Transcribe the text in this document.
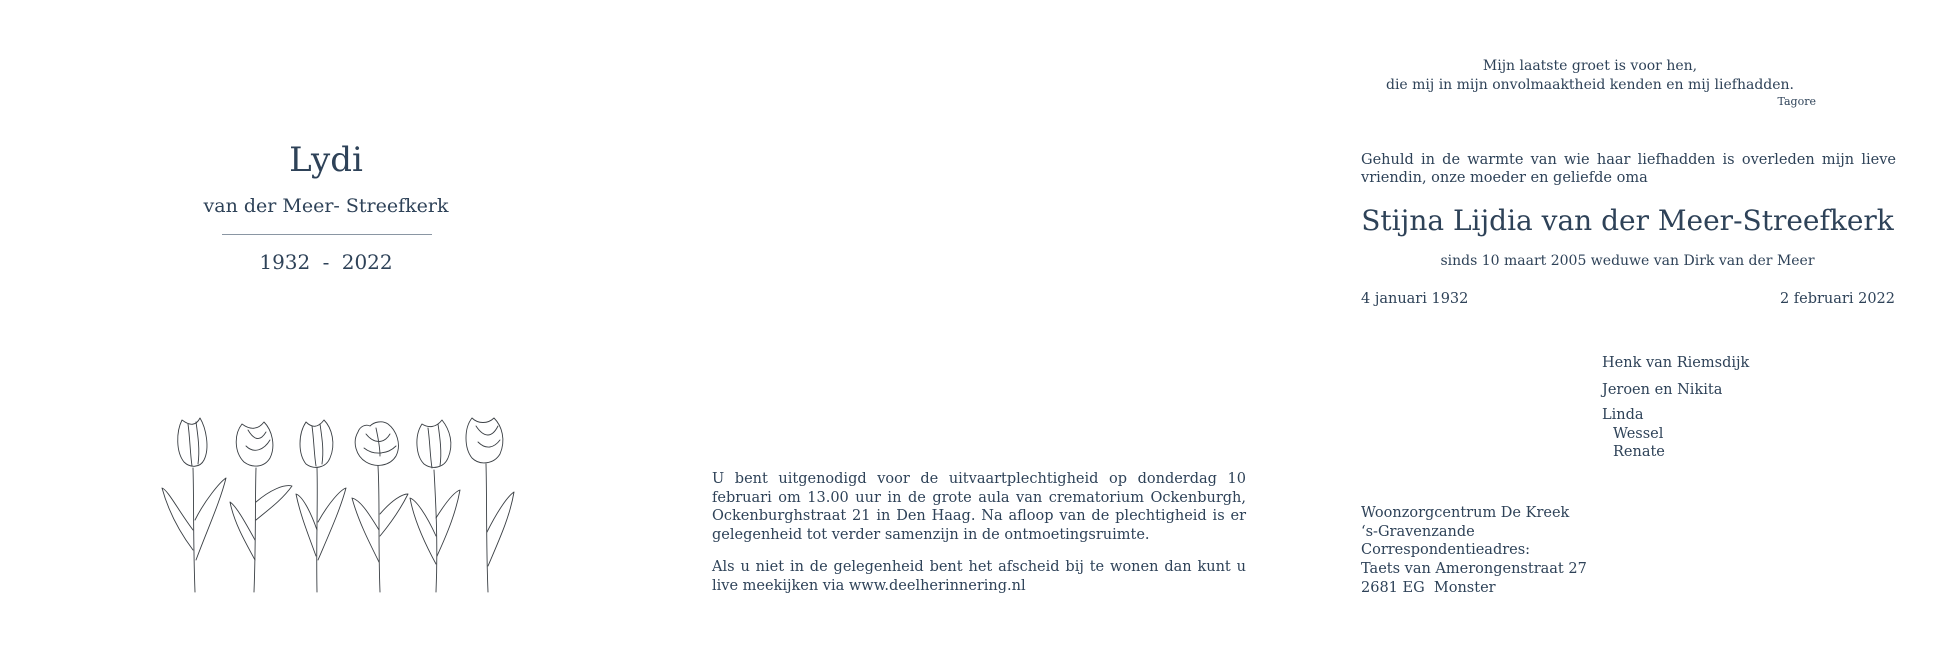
Lydi
van der Meer- Streefkerk
1932 - 2022
U bent uitgenodigd voor de uitvaartplechtigheid op donderdag 10 februari om 13.00 uur in de grote aula van crematorium Ockenburgh, Ockenburghstraat 21 in Den Haag. Na afloop van de plechtigheid is er gelegenheid tot verder samenzijn in de ontmoetingsruimte.
Als u niet in de gelegenheid bent het afscheid bij te wonen dan kunt u live meekijken via www.deelherinnering.nl
Mijn laatste groet is voor hen,
die mij in mijn onvolmaaktheid kenden en mij liefhadden.
Tagore
Gehuld in de warmte van wie haar liefhadden is overleden mijn lieve vriendin, onze moeder en geliefde oma
Stijna Lijdia van der Meer-Streefkerk
sinds 10 maart 2005 weduwe van Dirk van der Meer
4 januari 1932	2 februari 2022
Henk van Riemsdijk
Jeroen en Nikita
Linda
Wessel
Renate
Woonzorgcentrum De Kreek
‘s-Gravenzande
Correspondentieadres:
Taets van Amerongenstraat 27
2681 EG  Monster
